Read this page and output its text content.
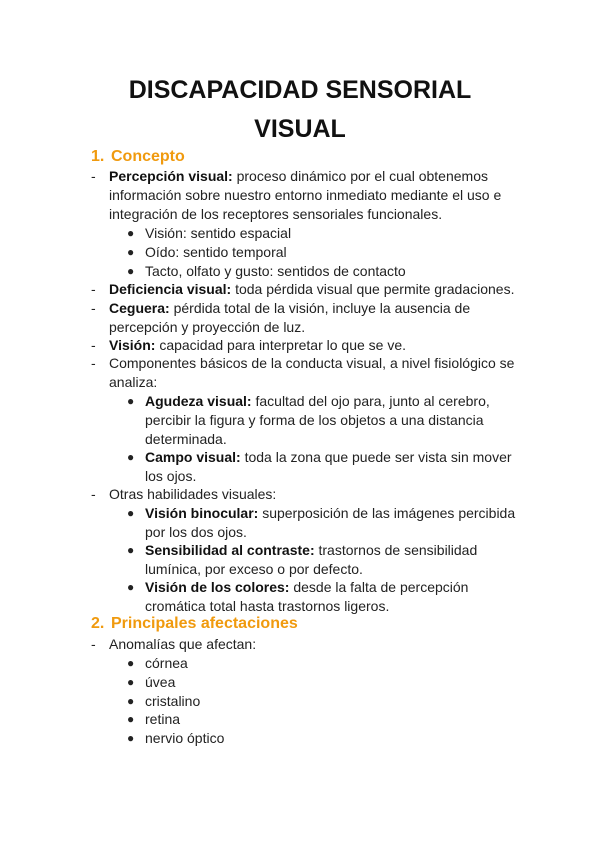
DISCAPACIDAD SENSORIAL
VISUAL
1. Concepto
- Percepción visual: proceso dinámico por el cual obtenemos
información sobre nuestro entorno inmediato mediante el uso e
integración de los receptores sensoriales funcionales.
● Visión: sentido espacial
● Oído: sentido temporal
● Tacto, olfato y gusto: sentidos de contacto
- Deficiencia visual: toda pérdida visual que permite gradaciones.
- Ceguera: pérdida total de la visión, incluye la ausencia de
percepción y proyección de luz.
- Visión: capacidad para interpretar lo que se ve.
- Componentes básicos de la conducta visual, a nivel fisiológico se
analiza:
● Agudeza visual: facultad del ojo para, junto al cerebro,
percibir la figura y forma de los objetos a una distancia
determinada.
● Campo visual: toda la zona que puede ser vista sin mover
los ojos.
- Otras habilidades visuales:
● Visión binocular: superposición de las imágenes percibida
por los dos ojos.
● Sensibilidad al contraste: trastornos de sensibilidad
lumínica, por exceso o por defecto.
● Visión de los colores: desde la falta de percepción
cromática total hasta trastornos ligeros.
2. Principales afectaciones
- Anomalías que afectan:
● córnea
● úvea
● cristalino
● retina
● nervio óptico
